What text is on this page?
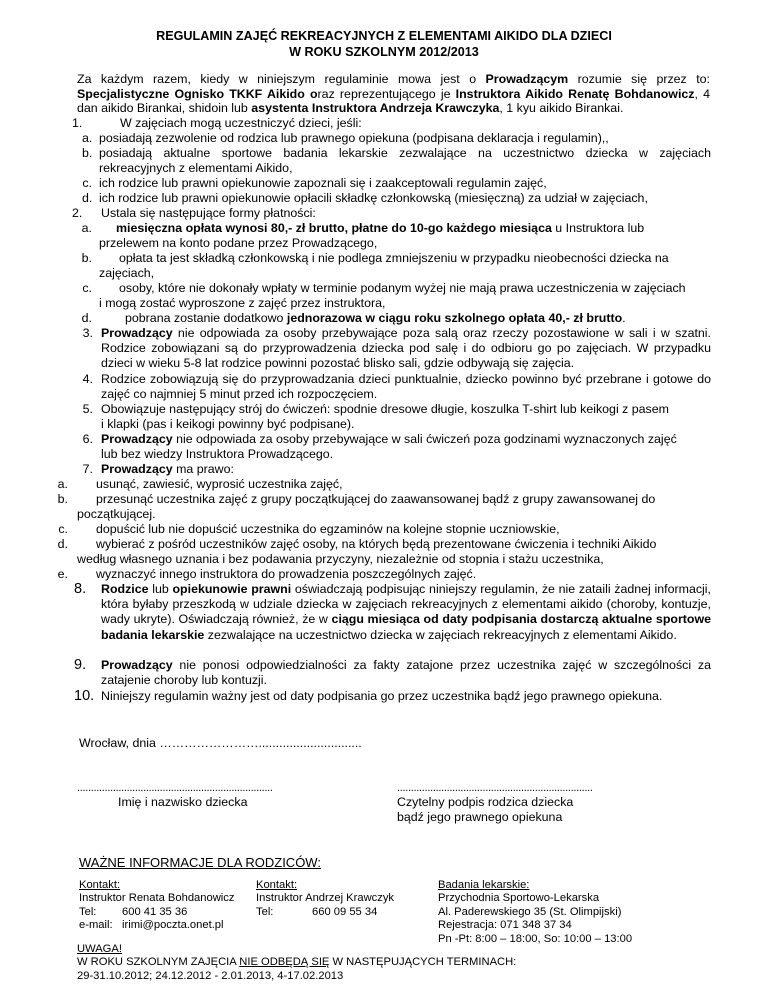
REGULAMIN ZAJĘĆ REKREACYJNYCH Z ELEMENTAMI AIKIDO DLA DZIECI
W ROKU SZKOLNYM 2012/2013
Za każdym razem, kiedy w niniejszym regulaminie mowa jest o Prowadzącym rozumie się przez to: Specjalistyczne Ognisko TKKF Aikido oraz reprezentującego je Instruktora Aikido Renatę Bohdanowicz, 4 dan aikido Birankai, shidoin lub asystenta Instruktora Andrzeja Krawczyka, 1 kyu aikido Birankai.
1.	W zajęciach mogą uczestniczyć dzieci, jeśli:
a. posiadają zezwolenie od rodzica lub prawnego opiekuna (podpisana deklaracja i regulamin),,
b. posiadają aktualne sportowe badania lekarskie zezwalające na uczestnictwo dziecka w zajęciach rekreacyjnych z elementami Aikido,
c. ich rodzice lub prawni opiekunowie zapoznali się i zaakceptowali regulamin zajęć,
d. ich rodzice lub prawni opiekunowie opłacili składkę członkowską (miesięczną) za udział w zajęciach,
2.	Ustala się następujące formy płatności:
a. miesięczna opłata wynosi 80,- zł brutto, płatne do 10-go każdego miesiąca u Instruktora lub
przelewem na konto podane przez Prowadzącego,
b. opłata ta jest składką członkowską i nie podlega zmniejszeniu w przypadku nieobecności dziecka na
zajęciach,
c. osoby, które nie dokonały wpłaty w terminie podanym wyżej nie mają prawa uczestniczenia w zajęciach
i mogą zostać wyproszone z zajęć przez instruktora,
d.	pobrana zostanie dodatkowo jednorazowa w ciągu roku szkolnego opłata 40,- zł brutto.
3. Prowadzący nie odpowiada za osoby przebywające poza salą oraz rzeczy pozostawione w sali i w szatni. Rodzice zobowiązani są do przyprowadzenia dziecka pod salę i do odbioru go po zajęciach. W przypadku dzieci w wieku 5-8 lat rodzice powinni pozostać blisko sali, gdzie odbywają się zajęcia.
4. Rodzice zobowiązują się do przyprowadzania dzieci punktualnie, dziecko powinno być przebrane i gotowe do zajęć co najmniej 5 minut przed ich rozpoczęciem.
5. Obowiązuje następujący strój do ćwiczeń: spodnie dresowe długie, koszulka T-shirt lub keikogi z pasem
i klapki (pas i keikogi powinny być podpisane).
6. Prowadzący nie odpowiada za osoby przebywające w sali ćwiczeń poza godzinami wyznaczonych zajęć
lub bez wiedzy Instruktora Prowadzącego.
7. Prowadzący ma prawo:
a. usunąć, zawiesić, wyprosić uczestnika zajęć,
b. przesunąć uczestnika zajęć z grupy początkującej do zaawansowanej bądź z grupy zawansowanej do
początkującej.
c. dopuścić lub nie dopuścić uczestnika do egzaminów na kolejne stopnie uczniowskie,
d. wybierać z pośród uczestników zajęć osoby, na których będą prezentowane ćwiczenia i techniki Aikido
według własnego uznania i bez podawania przyczyny, niezależnie od stopnia i stażu uczestnika,
e. wyznaczyć innego instruktora do prowadzenia poszczególnych zajęć.
8.	Rodzice lub opiekunowie prawni oświadczają podpisując niniejszy regulamin, że nie zataili żadnej informacji, która byłaby przeszkodą w udziale dziecka w zajęciach rekreacyjnych z elementami aikido (choroby, kontuzje, wady ukryte). Oświadczają również, że w ciągu miesiąca od daty podpisania dostarczą aktualne sportowe badania lekarskie zezwalające na uczestnictwo dziecka w zajęciach rekreacyjnych z elementami Aikido.
9.	Prowadzący nie ponosi odpowiedzialności za fakty zatajone przez uczestnika zajęć w szczególności za zatajenie choroby lub kontuzji.
10. Niniejszy regulamin ważny jest od daty podpisania go przez uczestnika bądź jego prawnego opiekuna.
Wrocław, dnia ……………………..............................
.......................................................................
Imię i nazwisko dziecka
.......................................................................
Czytelny podpis rodzica dziecka
bądź jego prawnego opiekuna
WAŻNE INFORMACJE DLA RODZICÓW:
Kontakt:
Instruktor Renata Bohdanowicz
Tel: 600 41 35 36
e-mail: irimi@poczta.onet.pl
Kontakt:
Instruktor Andrzej Krawczyk
Tel:	660 09 55 34
Badania lekarskie:
Przychodnia Sportowo-Lekarska
Al. Paderewskiego 35 (St. Olimpijski)
Rejestracja: 071 348 37 34
Pn -Pt: 8:00 – 18:00, So: 10:00 – 13:00
UWAGA!
W ROKU SZKOLNYM ZAJĘCIA NIE ODBĘDĄ SIĘ W NASTĘPUJĄCYCH TERMINACH:
29-31.10.2012; 24.12.2012 - 2.01.2013, 4-17.02.2013
